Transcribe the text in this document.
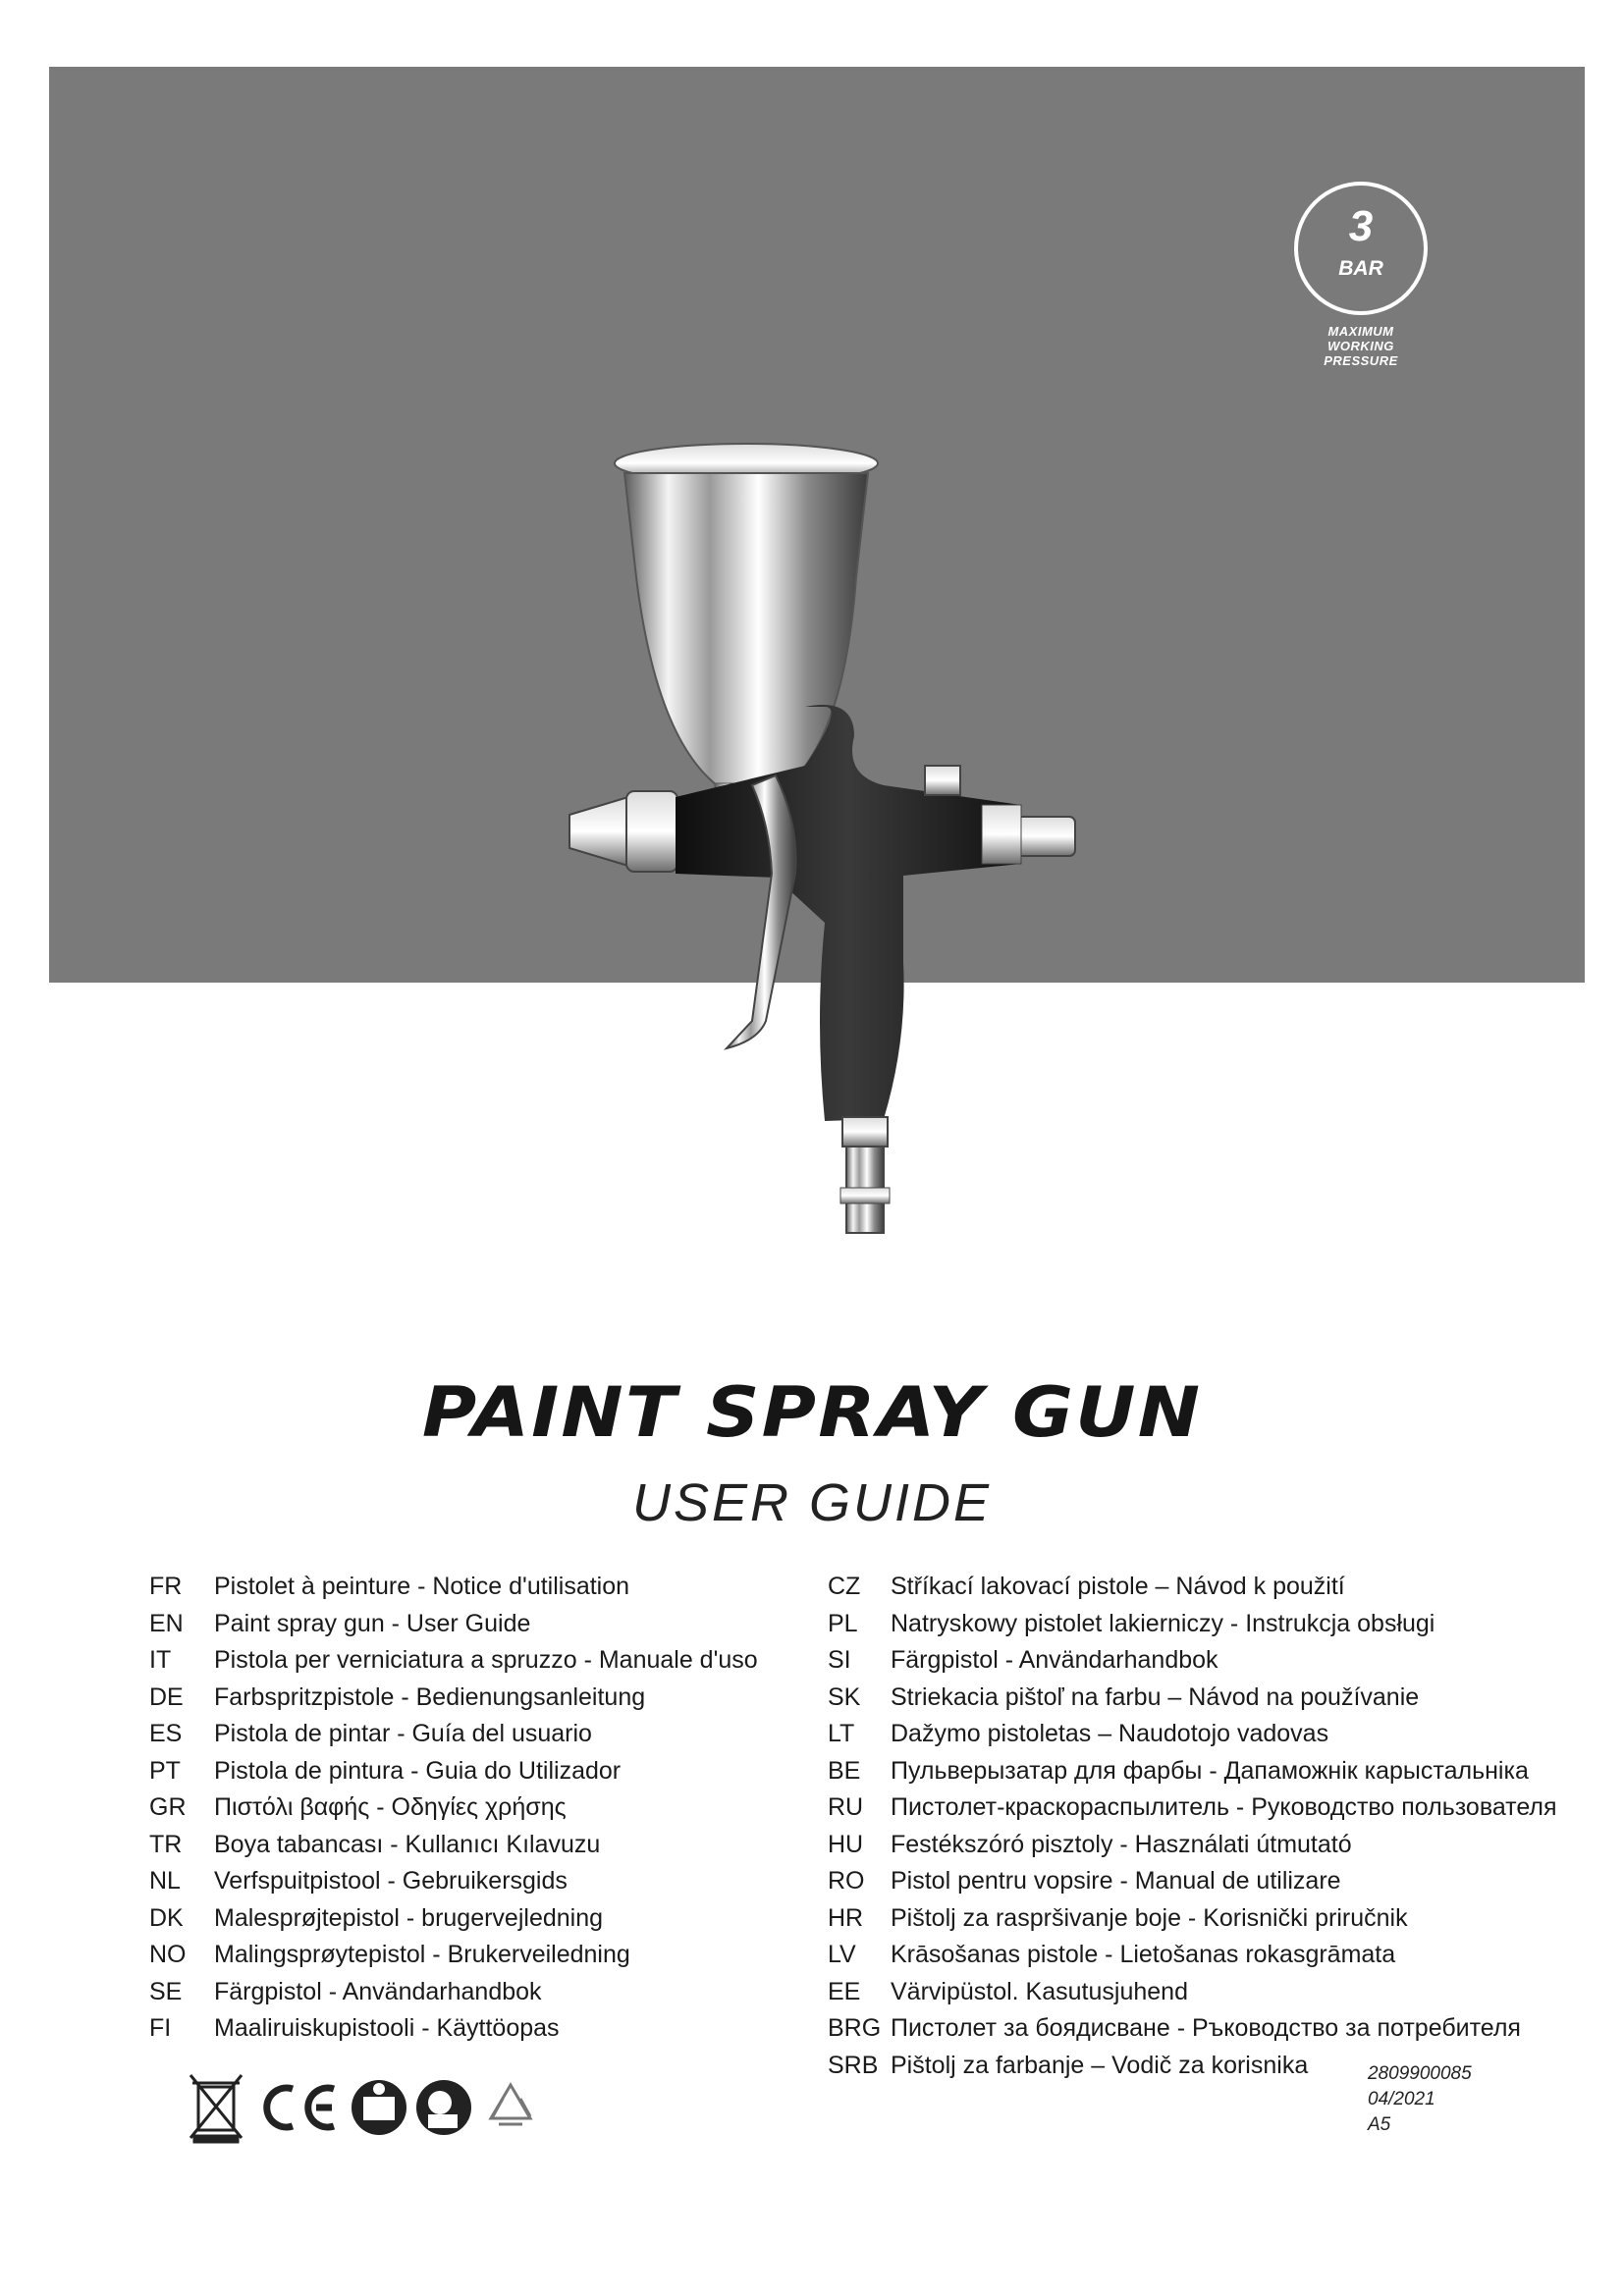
3
BAR
MAXIMUM
WORKING
PRESSURE
PAINT SPRAY GUN
USER GUIDE
FR Pistolet à peinture - Notice d'utilisation
EN Paint spray gun - User Guide
IT Pistola per verniciatura a spruzzo - Manuale d'uso
DE Farbspritzpistole - Bedienungsanleitung
ES Pistola de pintar - Guía del usuario
PT Pistola de pintura - Guia do Utilizador
GR Πιστόλι βαφής - Οδηγίες χρήσης
TR Boya tabancası - Kullanıcı Kılavuzu
NL Verfspuitpistool - Gebruikersgids
DK Malesprøjtepistol - brugervejledning
NO Malingsprøytepistol - Brukerveiledning
SE Färgpistol - Användarhandbok
FI Maaliruiskupistooli - Käyttöopas
CZ Stříkací lakovací pistole – Návod k použití
PL Natryskowy pistolet lakierniczy - Instrukcja obsługi
SI Färgpistol - Användarhandbok
SK Striekacia pištoľ na farbu – Návod na používanie
LT Dažymo pistoletas – Naudotojo vadovas
BE Пульверызатар для фарбы - Дапаможнік карыстальніка
RU Пистолет-краскораспылитель - Руководство пользователя
HU Festékszóró pisztoly - Használati útmutató
RO Pistol pentru vopsire - Manual de utilizare
HR Pištolj za raspršivanje boje - Korisnički priručnik
LV Krāsošanas pistole - Lietošanas rokasgrāmata
EE Värvipüstol. Kasutusjuhend
BRG Пистолет за боядисване - Ръководство за потребителя
SRB Pištolj za farbanje – Vodič za korisnika	2809900085
04/2021
A5
